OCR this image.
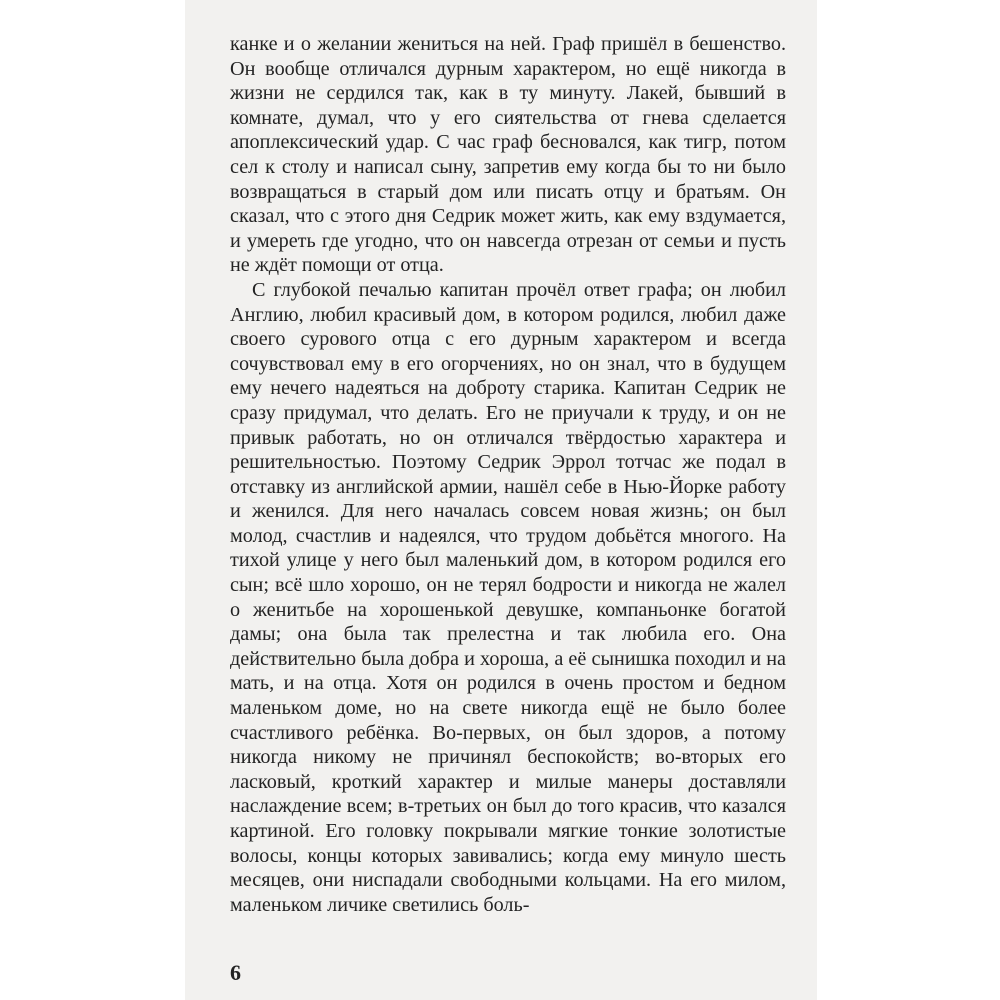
канке и о желании жениться на ней. Граф пришёл в бешенство. Он вообще отличался дурным характером, но ещё никогда в жизни не сердился так, как в ту минуту. Лакей, бывший в комнате, думал, что у его сиятельства от гнева сделается апоплексический удар. С час граф бесновался, как тигр, потом сел к столу и написал сыну, запретив ему когда бы то ни было возвращаться в старый дом или писать отцу и братьям. Он сказал, что с этого дня Седрик может жить, как ему вздумается, и умереть где угодно, что он навсегда отрезан от семьи и пусть не ждёт помощи от отца.

С глубокой печалью капитан прочёл ответ графа; он любил Англию, любил красивый дом, в котором родился, любил даже своего сурового отца с его дурным характером и всегда сочувствовал ему в его огорчениях, но он знал, что в будущем ему нечего надеяться на доброту старика. Капитан Седрик не сразу придумал, что делать. Его не приучали к труду, и он не привык работать, но он отличался твёрдостью характера и решительностью. Поэтому Седрик Эррол тотчас же подал в отставку из английской армии, нашёл себе в Нью-Йорке работу и женился. Для него началась совсем новая жизнь; он был молод, счастлив и надеялся, что трудом добьётся многого. На тихой улице у него был маленький дом, в котором родился его сын; всё шло хорошо, он не терял бодрости и никогда не жалел о женитьбе на хорошенькой девушке, компаньонке богатой дамы; она была так прелестна и так любила его. Она действительно была добра и хороша, а её сынишка походил и на мать, и на отца. Хотя он родился в очень простом и бедном маленьком доме, но на свете никогда ещё не было более счастливого ребёнка. Во-первых, он был здоров, а потому никогда никому не причинял беспокойств; во-вторых его ласковый, кроткий характер и милые манеры доставляли наслаждение всем; в-третьих он был до того красив, что казался картиной. Его головку покрывали мягкие тонкие золотистые волосы, концы которых завивались; когда ему минуло шесть месяцев, они ниспадали свободными кольцами. На его милом, маленьком личике светились боль-

6
